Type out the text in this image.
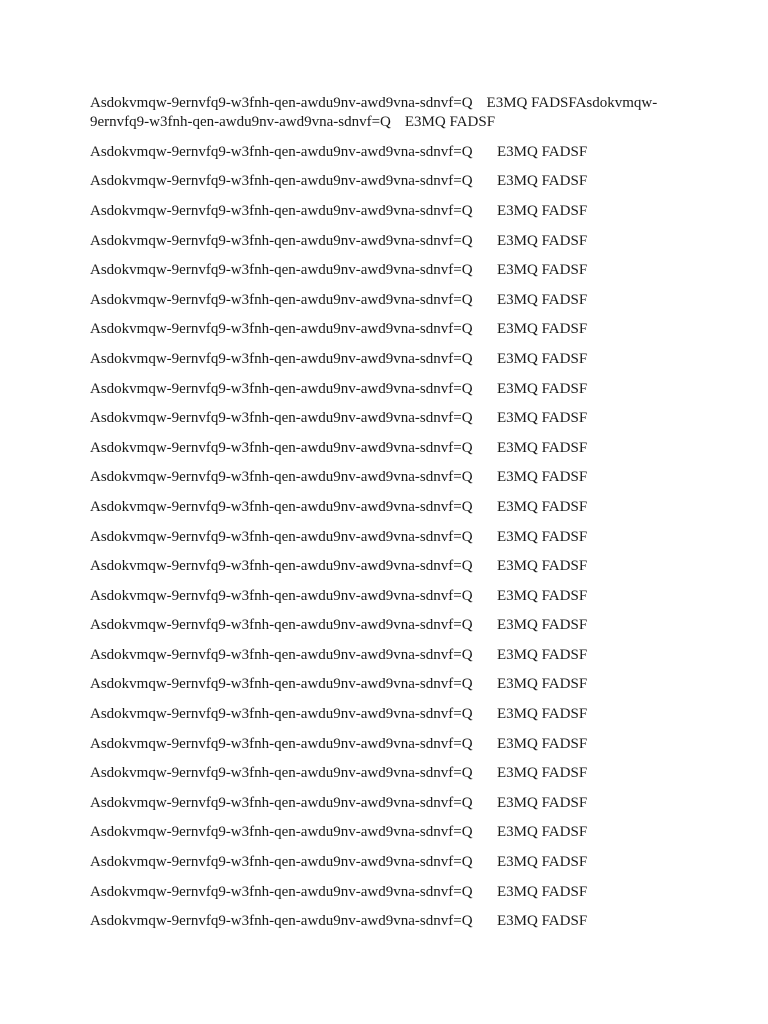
Asdokvmqw-9ernvfq9-w3fnh-qen-awdu9nv-awd9vna-sdnvf=Q E3MQ FADSFAsdokvmqw-9ernvfq9-w3fnh-qen-awdu9nv-awd9vna-sdnvf=Q E3MQ FADSF

Asdokvmqw-9ernvfq9-w3fnh-qen-awdu9nv-awd9vna-sdnvf=Q E3MQ FADSF

Asdokvmqw-9ernvfq9-w3fnh-qen-awdu9nv-awd9vna-sdnvf=Q E3MQ FADSF

Asdokvmqw-9ernvfq9-w3fnh-qen-awdu9nv-awd9vna-sdnvf=Q E3MQ FADSF

Asdokvmqw-9ernvfq9-w3fnh-qen-awdu9nv-awd9vna-sdnvf=Q E3MQ FADSF

Asdokvmqw-9ernvfq9-w3fnh-qen-awdu9nv-awd9vna-sdnvf=Q E3MQ FADSF

Asdokvmqw-9ernvfq9-w3fnh-qen-awdu9nv-awd9vna-sdnvf=Q E3MQ FADSF

Asdokvmqw-9ernvfq9-w3fnh-qen-awdu9nv-awd9vna-sdnvf=Q E3MQ FADSF

Asdokvmqw-9ernvfq9-w3fnh-qen-awdu9nv-awd9vna-sdnvf=Q E3MQ FADSF

Asdokvmqw-9ernvfq9-w3fnh-qen-awdu9nv-awd9vna-sdnvf=Q E3MQ FADSF

Asdokvmqw-9ernvfq9-w3fnh-qen-awdu9nv-awd9vna-sdnvf=Q E3MQ FADSF

Asdokvmqw-9ernvfq9-w3fnh-qen-awdu9nv-awd9vna-sdnvf=Q E3MQ FADSF

Asdokvmqw-9ernvfq9-w3fnh-qen-awdu9nv-awd9vna-sdnvf=Q E3MQ FADSF

Asdokvmqw-9ernvfq9-w3fnh-qen-awdu9nv-awd9vna-sdnvf=Q E3MQ FADSF

Asdokvmqw-9ernvfq9-w3fnh-qen-awdu9nv-awd9vna-sdnvf=Q E3MQ FADSF

Asdokvmqw-9ernvfq9-w3fnh-qen-awdu9nv-awd9vna-sdnvf=Q E3MQ FADSF

Asdokvmqw-9ernvfq9-w3fnh-qen-awdu9nv-awd9vna-sdnvf=Q E3MQ FADSF

Asdokvmqw-9ernvfq9-w3fnh-qen-awdu9nv-awd9vna-sdnvf=Q E3MQ FADSF

Asdokvmqw-9ernvfq9-w3fnh-qen-awdu9nv-awd9vna-sdnvf=Q E3MQ FADSF

Asdokvmqw-9ernvfq9-w3fnh-qen-awdu9nv-awd9vna-sdnvf=Q E3MQ FADSF

Asdokvmqw-9ernvfq9-w3fnh-qen-awdu9nv-awd9vna-sdnvf=Q E3MQ FADSF

Asdokvmqw-9ernvfq9-w3fnh-qen-awdu9nv-awd9vna-sdnvf=Q E3MQ FADSF

Asdokvmqw-9ernvfq9-w3fnh-qen-awdu9nv-awd9vna-sdnvf=Q E3MQ FADSF

Asdokvmqw-9ernvfq9-w3fnh-qen-awdu9nv-awd9vna-sdnvf=Q E3MQ FADSF

Asdokvmqw-9ernvfq9-w3fnh-qen-awdu9nv-awd9vna-sdnvf=Q E3MQ FADSF

Asdokvmqw-9ernvfq9-w3fnh-qen-awdu9nv-awd9vna-sdnvf=Q E3MQ FADSF

Asdokvmqw-9ernvfq9-w3fnh-qen-awdu9nv-awd9vna-sdnvf=Q E3MQ FADSF

Asdokvmqw-9ernvfq9-w3fnh-qen-awdu9nv-awd9vna-sdnvf=Q E3MQ FADSF
